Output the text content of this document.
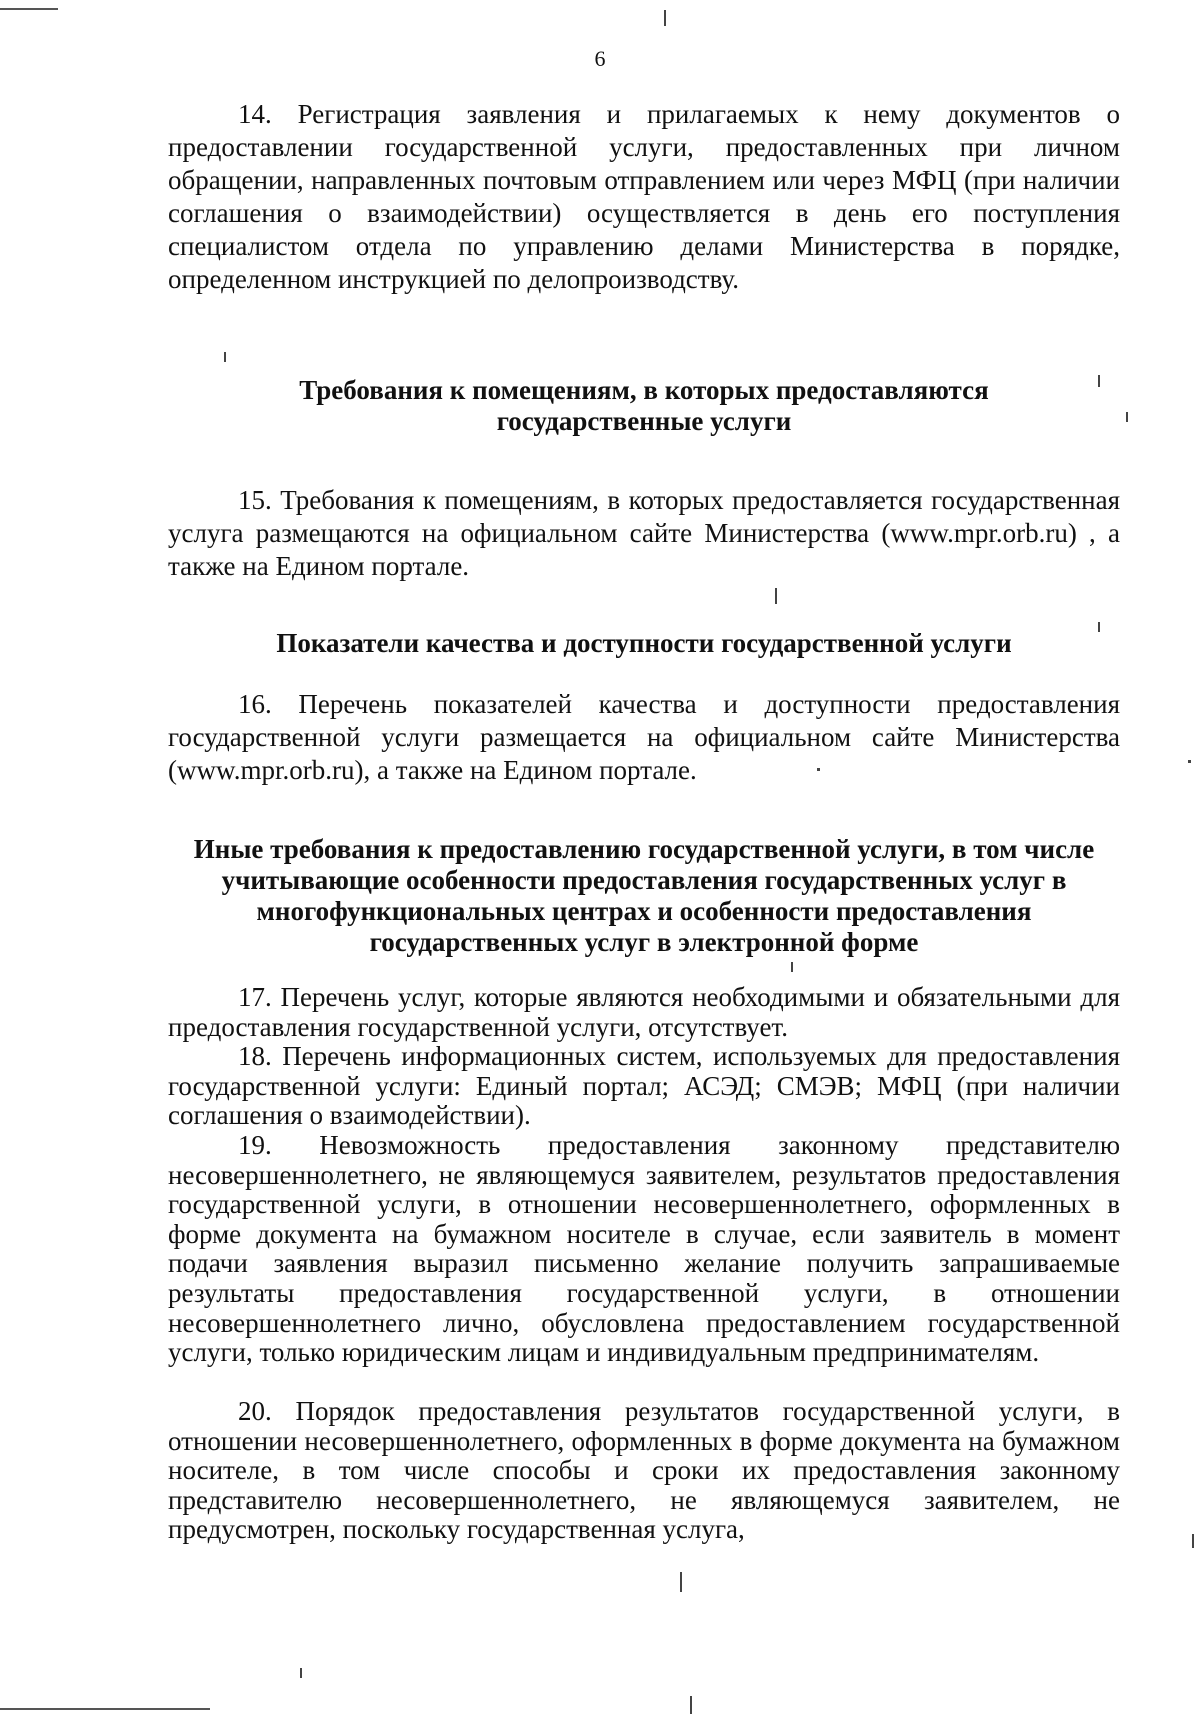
6
14. Регистрация заявления и прилагаемых к нему документов о предоставлении государственной услуги, предоставленных при личном обращении, направленных почтовым отправлением или через МФЦ (при наличии соглашения о взаимодействии) осуществляется в день его поступления специалистом отдела по управлению делами Министерства в порядке, определенном инструкцией по делопроизводству.
Требования к помещениям, в которых предоставляются государственные услуги
15. Требования к помещениям, в которых предоставляется государственная услуга размещаются на официальном сайте Министерства (www.mpr.orb.ru) , а также на Едином портале.
Показатели качества и доступности государственной услуги
16. Перечень показателей качества и доступности предоставления государственной услуги размещается на официальном сайте Министерства (www.mpr.orb.ru), а также на Едином портале.
Иные требования к предоставлению государственной услуги, в том числе учитывающие особенности предоставления государственных услуг в многофункциональных центрах и особенности предоставления государственных услуг в электронной форме
17. Перечень услуг, которые являются необходимыми и обязательными для предоставления государственной услуги, отсутствует.
18. Перечень информационных систем, используемых для предоставления государственной услуги: Единый портал; АСЭД; СМЭВ; МФЦ (при наличии соглашения о взаимодействии).
19. Невозможность предоставления законному представителю несовершеннолетнего, не являющемуся заявителем, результатов предоставления государственной услуги, в отношении несовершеннолетнего, оформленных в форме документа на бумажном носителе в случае, если заявитель в момент подачи заявления выразил письменно желание получить запрашиваемые результаты предоставления государственной услуги, в отношении несовершеннолетнего лично, обусловлена предоставлением государственной услуги, только юридическим лицам и индивидуальным предпринимателям.
20. Порядок предоставления результатов государственной услуги, в отношении несовершеннолетнего, оформленных в форме документа на бумажном носителе, в том числе способы и сроки их предоставления законному представителю несовершеннолетнего, не являющемуся заявителем, не предусмотрен, поскольку государственная услуга,
